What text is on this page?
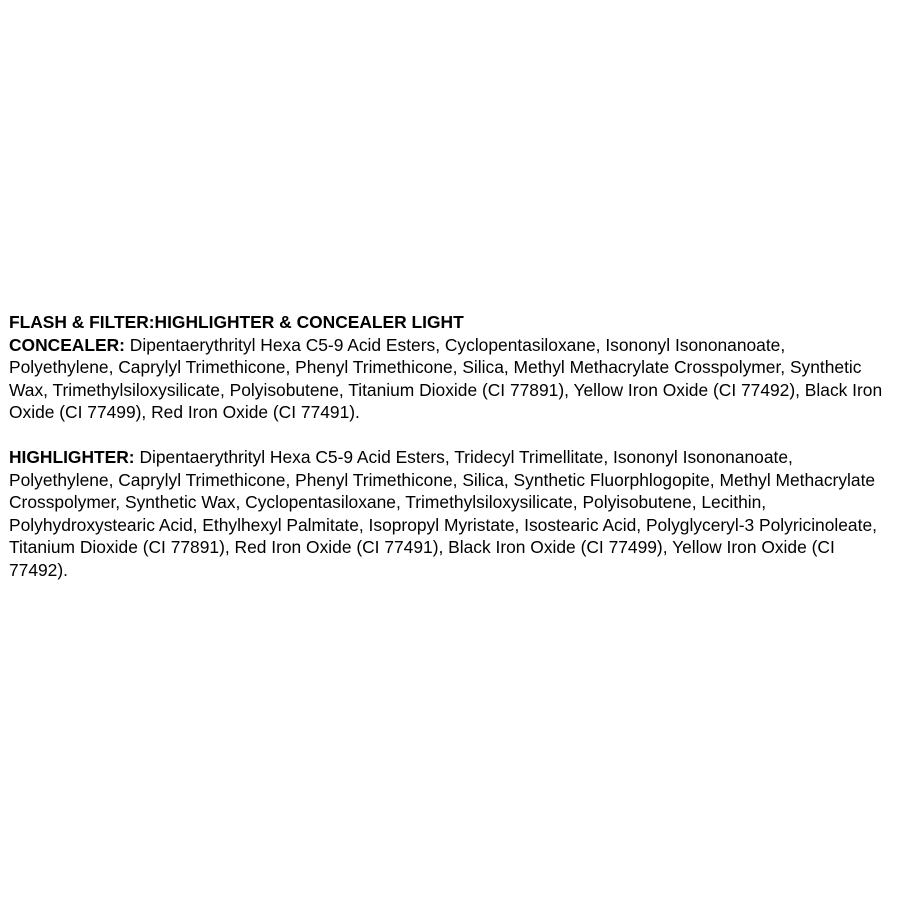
FLASH & FILTER:HIGHLIGHTER & CONCEALER LIGHT

CONCEALER: Dipentaerythrityl Hexa C5-9 Acid Esters, Cyclopentasiloxane, Isononyl Isononanoate, Polyethylene, Caprylyl Trimethicone, Phenyl Trimethicone, Silica, Methyl Methacrylate Crosspolymer, Synthetic Wax, Trimethylsiloxysilicate, Polyisobutene, Titanium Dioxide (CI 77891), Yellow Iron Oxide (CI 77492), Black Iron Oxide (CI 77499), Red Iron Oxide (CI 77491).

HIGHLIGHTER: Dipentaerythrityl Hexa C5-9 Acid Esters, Tridecyl Trimellitate, Isononyl Isononanoate, Polyethylene, Caprylyl Trimethicone, Phenyl Trimethicone, Silica, Synthetic Fluorphlogopite, Methyl Methacrylate Crosspolymer, Synthetic Wax, Cyclopentasiloxane, Trimethylsiloxysilicate, Polyisobutene, Lecithin, Polyhydroxystearic Acid, Ethylhexyl Palmitate, Isopropyl Myristate, Isostearic Acid, Polyglyceryl-3 Polyricinoleate, Titanium Dioxide (CI 77891), Red Iron Oxide (CI 77491), Black Iron Oxide (CI 77499), Yellow Iron Oxide (CI 77492).
